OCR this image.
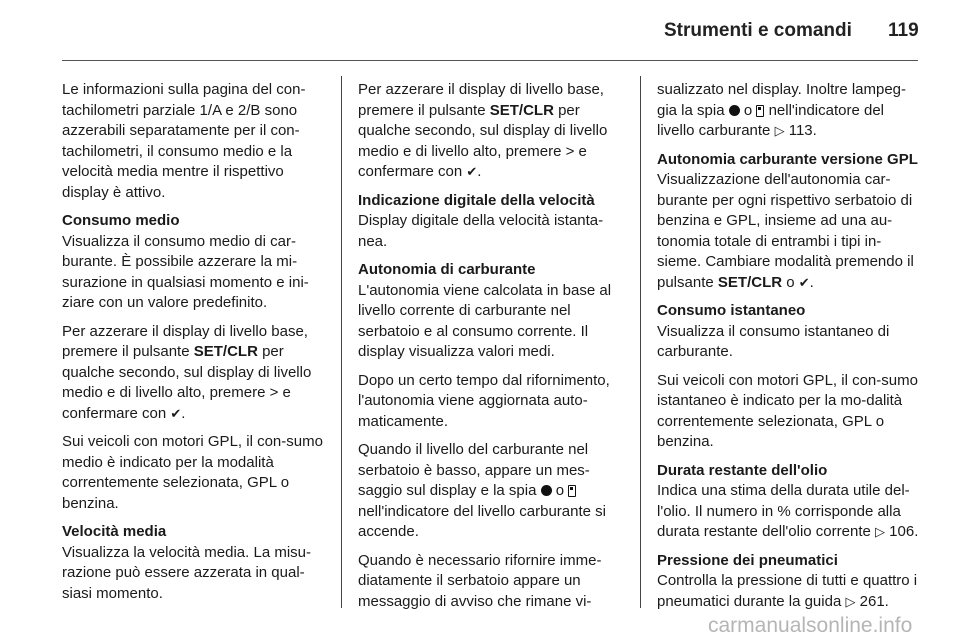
Strumenti e comandi 119

Le informazioni sulla pagina del con-tachilometri parziale 1/A e 2/B sono azzerabili separatamente per il con-tachilometri, il consumo medio e la velocità media mentre il rispettivo display è attivo.

Consumo medio

Visualizza il consumo medio di car-burante. È possibile azzerare la mi-surazione in qualsiasi momento e ini-ziare con un valore predefinito.

Per azzerare il display di livello base, premere il pulsante SET/CLR per qualche secondo, sul display di livello medio e di livello alto, premere > e confermare con ✔.

Sui veicoli con motori GPL, il con-sumo medio è indicato per la modalità correntemente selezionata, GPL o benzina.

Velocità media

Visualizza la velocità media. La misu-razione può essere azzerata in qual-siasi momento.

Per azzerare il display di livello base, premere il pulsante SET/CLR per qualche secondo, sul display di livello medio e di livello alto, premere > e confermare con ✔.

Indicazione digitale della velocità

Display digitale della velocità istanta-nea.

Autonomia di carburante

L'autonomia viene calcolata in base al livello corrente di carburante nel serbatoio e al consumo corrente. Il display visualizza valori medi.

Dopo un certo tempo dal rifornimento, l'autonomia viene aggiornata auto-maticamente.

Quando il livello del carburante nel serbatoio è basso, appare un mes-saggio sul display e la spia  o  nell'indicatore del livello carburante si accende.

Quando è necessario rifornire imme-diatamente il serbatoio appare un messaggio di avviso che rimane vi-

sualizzato nel display. Inoltre lampeg-gia la spia  o  nell'indicatore del livello carburante ▷ 113.

Autonomia carburante versione GPL

Visualizzazione dell'autonomia car-burante per ogni rispettivo serbatoio di benzina e GPL, insieme ad una au-tonomia totale di entrambi i tipi in-sieme. Cambiare modalità premendo il pulsante SET/CLR o ✔.

Consumo istantaneo

Visualizza il consumo istantaneo di carburante.

Sui veicoli con motori GPL, il con-sumo istantaneo è indicato per la mo-dalità correntemente selezionata, GPL o benzina.

Durata restante dell'olio

Indica una stima della durata utile del-l'olio. Il numero in % corrisponde alla durata restante dell'olio corrente ▷ 106.

Pressione dei pneumatici

Controlla la pressione di tutti e quattro i pneumatici durante la guida ▷ 261.

carmanualsonline.info
